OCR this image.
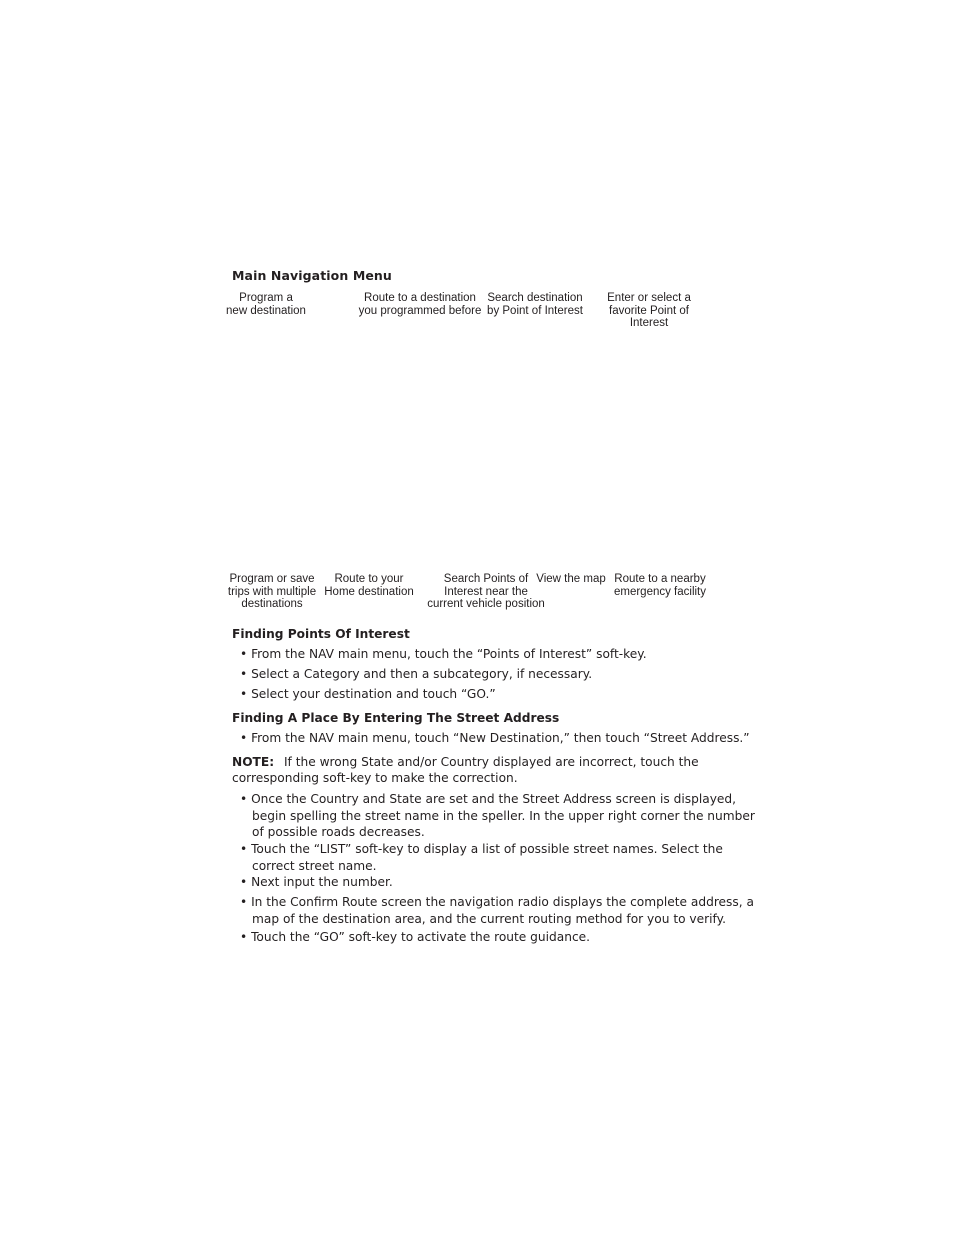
Main Navigation Menu
Program a
new destination
Route to a destination
you programmed before
Search destination
by Point of Interest
Enter or select a
favorite Point of Interest
Program or save
trips with multiple
destinations
Route to your
Home destination
Search Points of
Interest near the
current vehicle position
View the map Route to a nearby
emergency facility
Finding Points Of Interest
• From the NAV main menu, touch the “Points of Interest” soft-key.
• Select a Category and then a subcategory, if necessary.
• Select your destination and touch “GO.”
Finding A Place By Entering The Street Address
• From the NAV main menu, touch “New Destination,” then touch “Street Address.”
NOTE: If the wrong State and/or Country displayed are incorrect, touch the
corresponding soft-key to make the correction.
• Once the Country and State are set and the Street Address screen is displayed,
begin spelling the street name in the speller. In the upper right corner the number
of possible roads decreases.
• Touch the “LIST” soft-key to display a list of possible street names. Select the
correct street name.
• Next input the number.
• In the Confirm Route screen the navigation radio displays the complete address, a
map of the destination area, and the current routing method for you to verify.
• Touch the “GO” soft-key to activate the route guidance.
